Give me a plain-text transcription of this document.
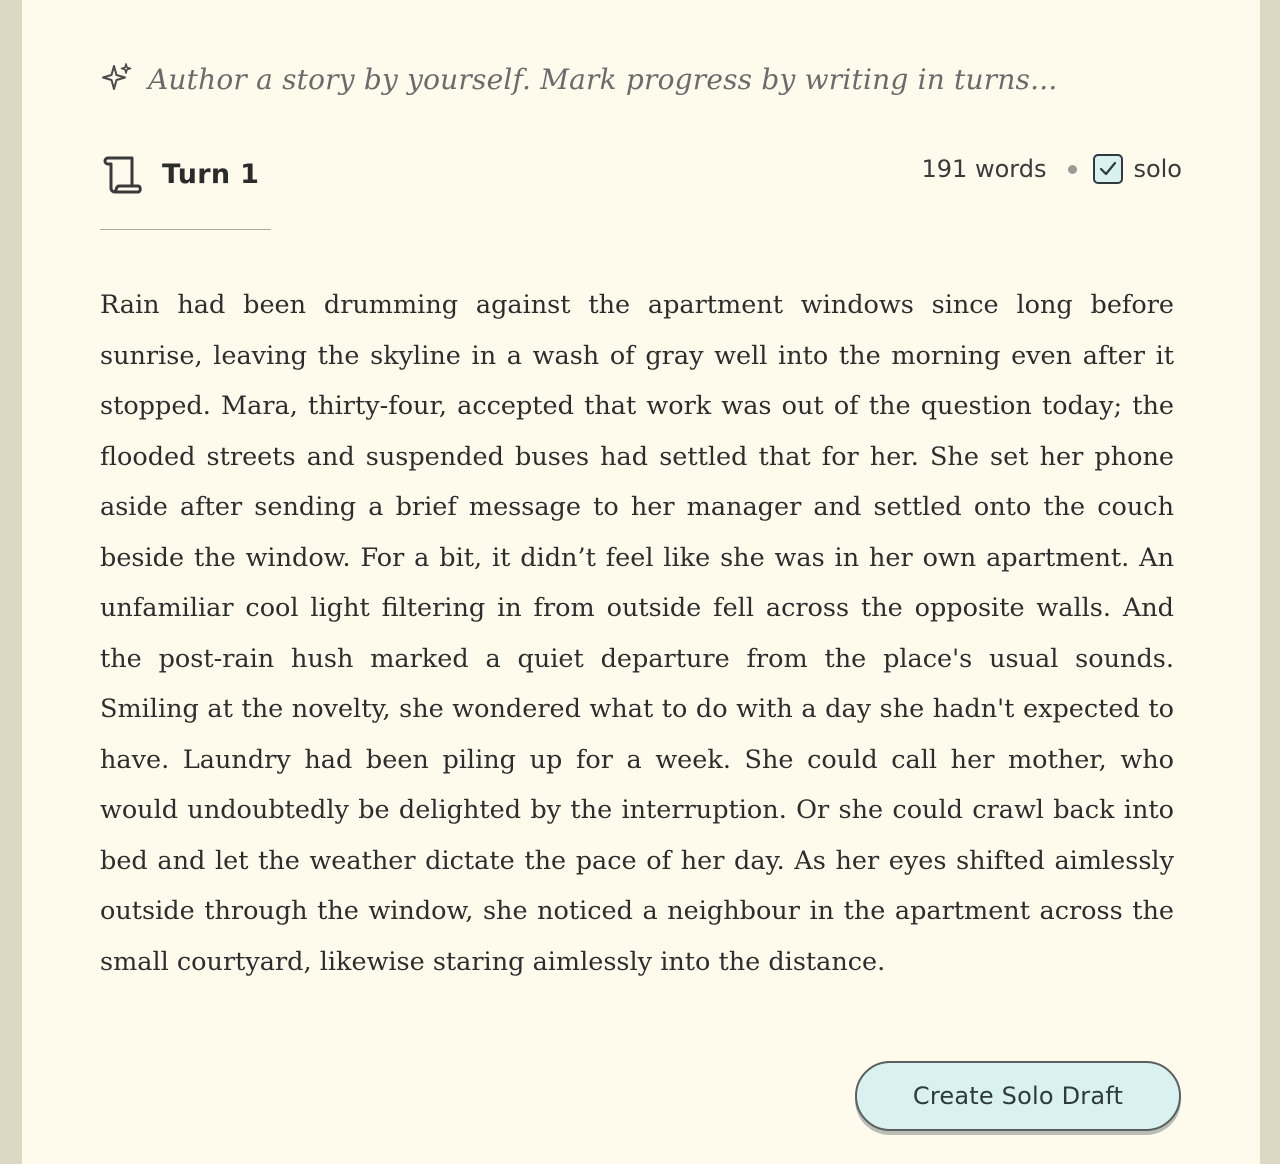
Author a story by yourself. Mark progress by writing in turns...
Turn 1	191 words	solo

Rain had been drumming against the apartment windows since long before sunrise, leaving the skyline in a wash of gray well into the morning even after it stopped. Mara, thirty-four, accepted that work was out of the question today; the flooded streets and suspended buses had settled that for her. She set her phone aside after sending a brief message to her manager and settled onto the couch beside the window. For a bit, it didn’t feel like she was in her own apartment. An unfamiliar cool light filtering in from outside fell across the opposite walls. And the post-rain hush marked a quiet departure from the place's usual sounds. Smiling at the novelty, she wondered what to do with a day she hadn't expected to have. Laundry had been piling up for a week. She could call her mother, who would undoubtedly be delighted by the interruption. Or she could crawl back into bed and let the weather dictate the pace of her day. As her eyes shifted aimlessly outside through the window, she noticed a neighbour in the apartment across the small courtyard, likewise staring aimlessly into the distance.

Create Solo Draft
